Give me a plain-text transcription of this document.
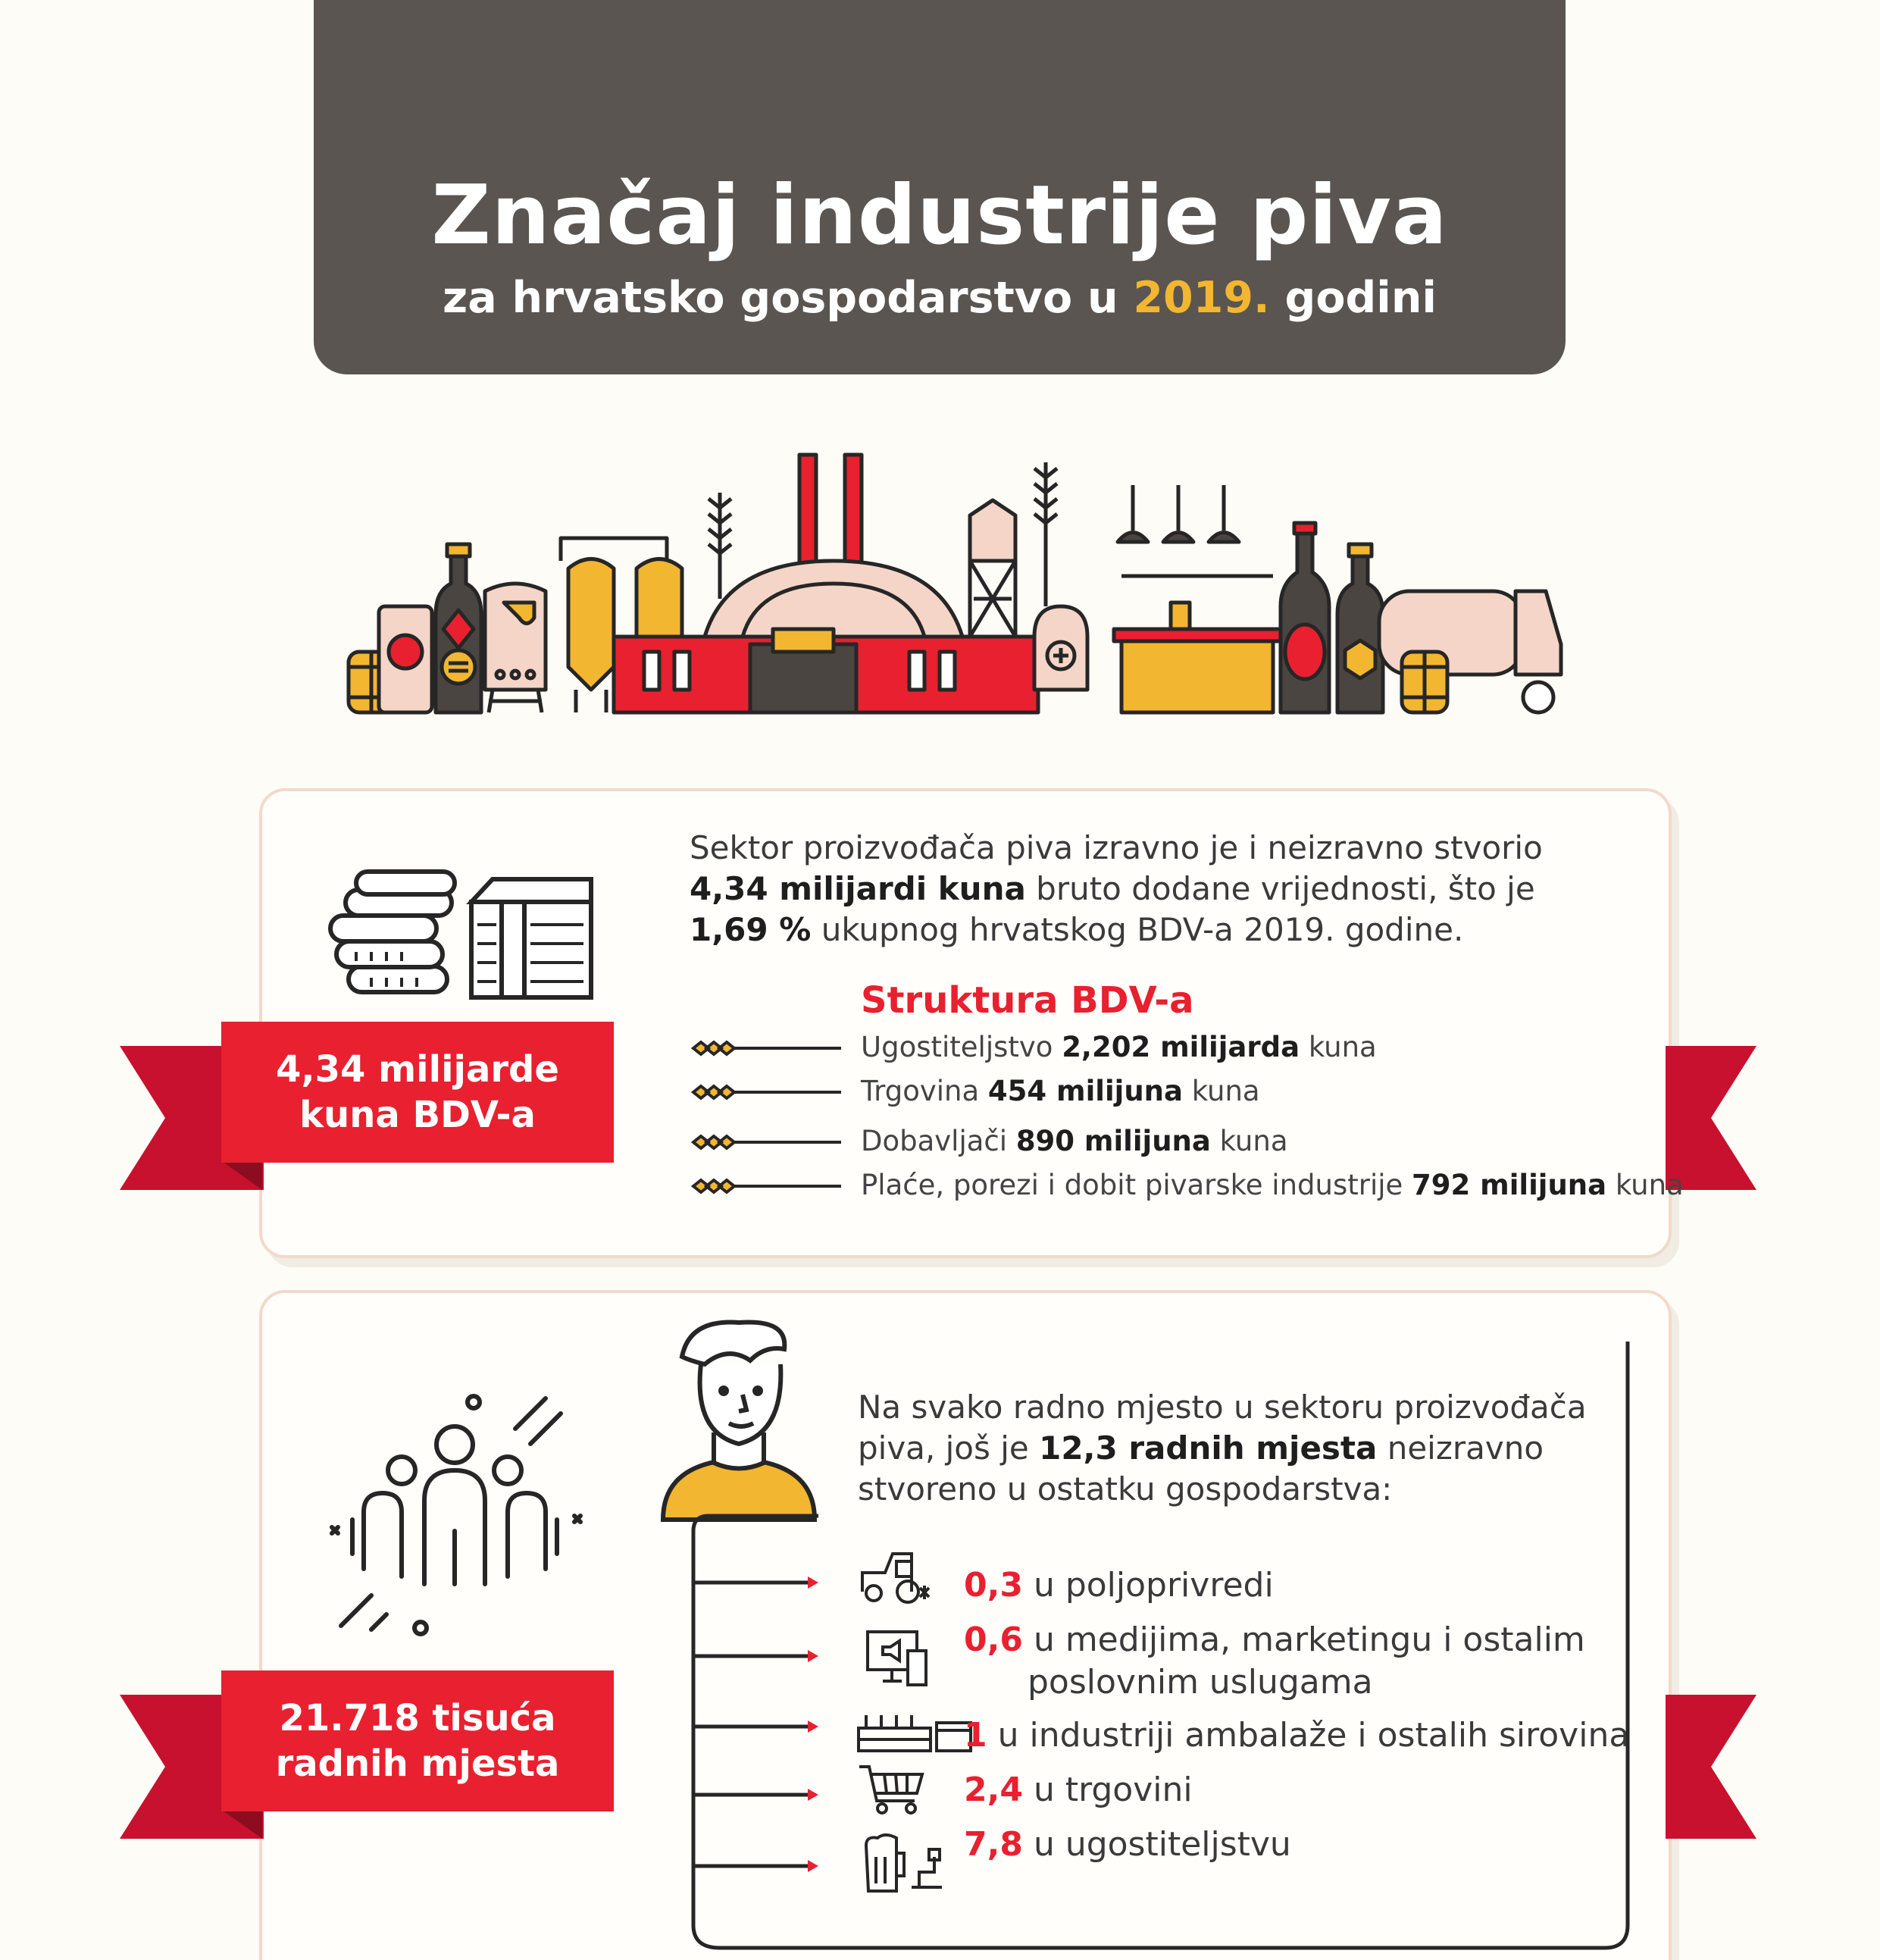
Značaj industrije piva
za hrvatsko gospodarstvo u 2019. godini
4,34 milijarde
kuna BDV-a
Sektor proizvođača piva izravno je i neizravno stvorio
4,34 milijardi kuna bruto dodane vrijednosti, što je
1,69 % ukupnog hrvatskog BDV-a 2019. godine.
Struktura BDV-a
Ugostiteljstvo 2,202 milijarda kuna
Trgovina 454 milijuna kuna
Dobavljači 890 milijuna kuna
Plaće, porezi i dobit pivarske industrije 792 milijuna kuna
21.718 tisuća
radnih mjesta
Na svako radno mjesto u sektoru proizvođača
piva, još je 12,3 radnih mjesta neizravno
stvoreno u ostatku gospodarstva:
0,3 u poljoprivredi
0,6 u medijima, marketingu i ostalim
poslovnim uslugama
1 u industriji ambalaže i ostalih sirovina
2,4 u trgovini
7,8 u ugostiteljstvu
